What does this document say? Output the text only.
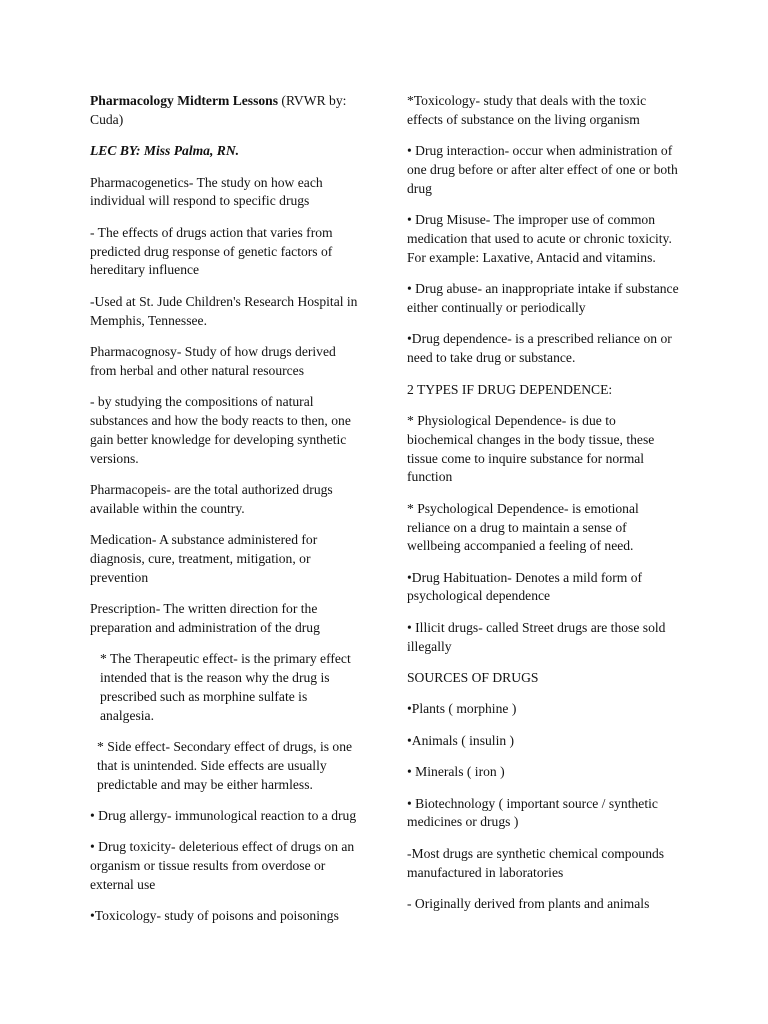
Pharmacology Midterm Lessons (RVWR by: Cuda)

LEC BY: Miss Palma, RN.

Pharmacogenetics- The study on how each individual will respond to specific drugs

- The effects of drugs action that varies from predicted drug response of genetic factors of hereditary influence

-Used at St. Jude Children's Research Hospital in Memphis, Tennessee.

Pharmacognosy- Study of how drugs derived from herbal and other natural resources

- by studying the compositions of natural substances and how the body reacts to then, one gain better knowledge for developing synthetic versions.

Pharmacopeis- are the total authorized drugs available within the country.

Medication- A substance administered for diagnosis, cure, treatment, mitigation, or prevention

Prescription- The written direction for the preparation and administration of the drug

* The Therapeutic effect- is the primary effect intended that is the reason why the drug is prescribed such as morphine sulfate is analgesia.

* Side effect- Secondary effect of drugs, is one that is unintended. Side effects are usually predictable and may be either harmless.

• Drug allergy- immunological reaction to a drug

• Drug toxicity- deleterious effect of drugs on an organism or tissue results from overdose or external use

•Toxicology- study of poisons and poisonings

*Toxicology- study that deals with the toxic effects of substance on the living organism

• Drug interaction- occur when administration of one drug before or after alter effect of one or both drug

• Drug Misuse- The improper use of common medication that used to acute or chronic toxicity. For example: Laxative, Antacid and vitamins.

• Drug abuse- an inappropriate intake if substance either continually or periodically

•Drug dependence- is a prescribed reliance on or need to take drug or substance.

2 TYPES IF DRUG DEPENDENCE:

* Physiological Dependence- is due to biochemical changes in the body tissue, these tissue come to inquire substance for normal function

* Psychological Dependence- is emotional reliance on a drug to maintain a sense of wellbeing accompanied a feeling of need.

•Drug Habituation- Denotes a mild form of psychological dependence

• Illicit drugs- called Street drugs are those sold illegally

SOURCES OF DRUGS

•Plants ( morphine )

•Animals ( insulin )

• Minerals ( iron )

• Biotechnology ( important source / synthetic medicines or drugs )

-Most drugs are synthetic chemical compounds manufactured in laboratories

- Originally derived from plants and animals
